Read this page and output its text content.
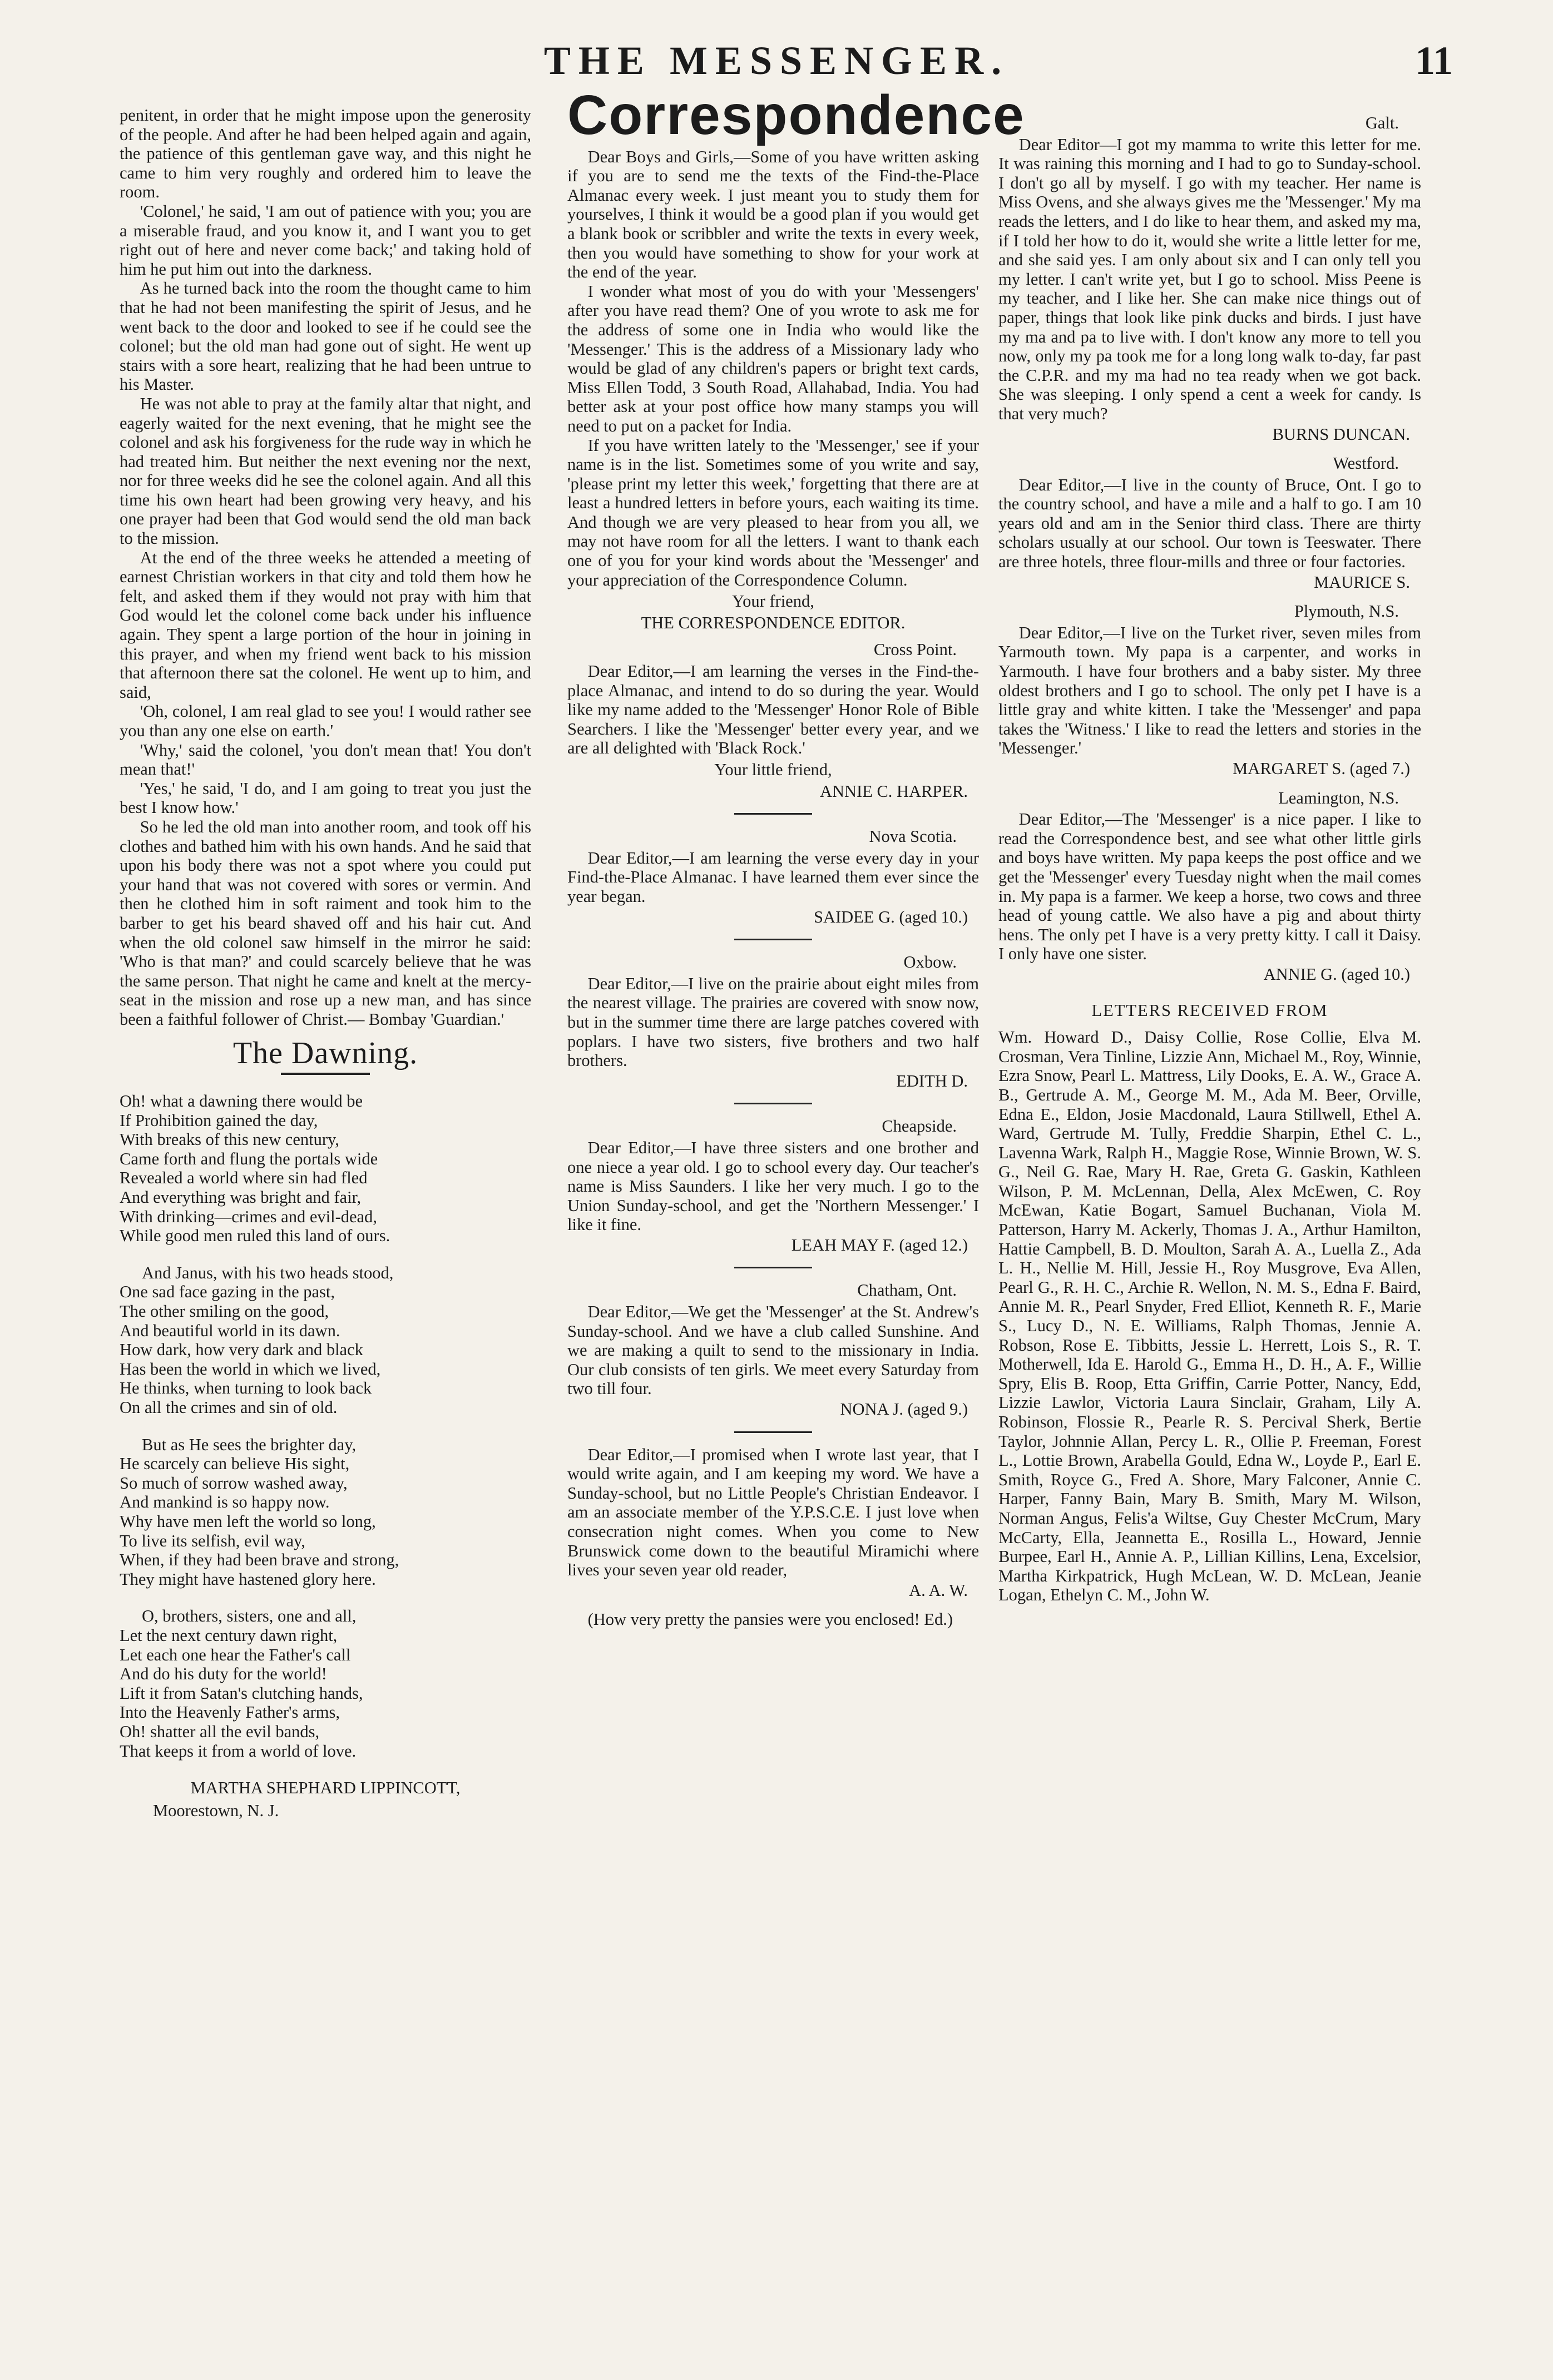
THE MESSENGER.	11

penitent, in order that he might impose upon the generosity of the people. And after he had been helped again and again, the patience of this gentleman gave way, and this night he came to him very roughly and ordered him to leave the room.

'Colonel,' he said, 'I am out of patience with you; you are a miserable fraud, and you know it, and I want you to get right out of here and never come back;' and taking hold of him he put him out into the darkness.

As he turned back into the room the thought came to him that he had not been manifesting the spirit of Jesus, and he went back to the door and looked to see if he could see the colonel; but the old man had gone out of sight. He went up stairs with a sore heart, realizing that he had been untrue to his Master.

He was not able to pray at the family altar that night, and eagerly waited for the next evening, that he might see the colonel and ask his forgiveness for the rude way in which he had treated him. But neither the next evening nor the next, nor for three weeks did he see the colonel again. And all this time his own heart had been growing very heavy, and his one prayer had been that God would send the old man back to the mission.

At the end of the three weeks he attended a meeting of earnest Christian workers in that city and told them how he felt, and asked them if they would not pray with him that God would let the colonel come back under his influence again. They spent a large portion of the hour in joining in this prayer, and when my friend went back to his mission that afternoon there sat the colonel. He went up to him, and said,

'Oh, colonel, I am real glad to see you! I would rather see you than any one else on earth.'

'Why,' said the colonel, 'you don't mean that! You don't mean that!'

'Yes,' he said, 'I do, and I am going to treat you just the best I know how.'

So he led the old man into another room, and took off his clothes and bathed him with his own hands. And he said that upon his body there was not a spot where you could put your hand that was not covered with sores or vermin. And then he clothed him in soft raiment and took him to the barber to get his beard shaved off and his hair cut. And when the old colonel saw himself in the mirror he said: 'Who is that man?' and could scarcely believe that he was the same person. That night he came and knelt at the mercy-seat in the mission and rose up a new man, and has since been a faithful follower of Christ.— Bombay 'Guardian.'

The Dawning.
Oh! what a dawning there would be
If Prohibition gained the day,
With breaks of this new century,
Came forth and flung the portals wide
Revealed a world where sin had fled
And everything was bright and fair,
With drinking—crimes and evil-dead,
While good men ruled this land of ours.
And Janus, with his two heads stood,
One sad face gazing in the past,
The other smiling on the good,
And beautiful world in its dawn.
How dark, how very dark and black
Has been the world in which we lived,
He thinks, when turning to look back
On all the crimes and sin of old.
But as He sees the brighter day,
He scarcely can believe His sight,
So much of sorrow washed away,
And mankind is so happy now.
Why have men left the world so long,
To live its selfish, evil way,
When, if they had been brave and strong,
They might have hastened glory here.
O, brothers, sisters, one and all,
Let the next century dawn right,
Let each one hear the Father's call
And do his duty for the world!
Lift it from Satan's clutching hands,
Into the Heavenly Father's arms,
Oh! shatter all the evil bands,
That keeps it from a world of love.
MARTHA SHEPHARD LIPPINCOTT,
Moorestown, N. J.
Correspondence

Dear Boys and Girls,—Some of you have written asking if you are to send me the texts of the Find-the-Place Almanac every week. I just meant you to study them for yourselves, I think it would be a good plan if you would get a blank book or scribbler and write the texts in every week, then you would have something to show for your work at the end of the year.

I wonder what most of you do with your 'Messengers' after you have read them? One of you wrote to ask me for the address of some one in India who would like the 'Messenger.' This is the address of a Missionary lady who would be glad of any children's papers or bright text cards, Miss Ellen Todd, 3 South Road, Allahabad, India. You had better ask at your post office how many stamps you will need to put on a packet for India.

If you have written lately to the 'Messenger,' see if your name is in the list. Sometimes some of you write and say, 'please print my letter this week,' forgetting that there are at least a hundred letters in before yours, each waiting its time. And though we are very pleased to hear from you all, we may not have room for all the letters. I want to thank each one of you for your kind words about the 'Messenger' and your appreciation of the Correspondence Column.

Your friend,
THE CORRESPONDENCE EDITOR.
Cross Point.

Dear Editor,—I am learning the verses in the Find-the-place Almanac, and intend to do so during the year. Would like my name added to the 'Messenger' Honor Role of Bible Searchers. I like the 'Messenger' better every year, and we are all delighted with 'Black Rock.'

Your little friend,
ANNIE C. HARPER.
Nova Scotia.

Dear Editor,—I am learning the verse every day in your Find-the-Place Almanac. I have learned them ever since the year began.

SAIDEE G. (aged 10.)
Oxbow.

Dear Editor,—I live on the prairie about eight miles from the nearest village. The prairies are covered with snow now, but in the summer time there are large patches covered with poplars. I have two sisters, five brothers and two half brothers.

EDITH D.
Cheapside.

Dear Editor,—I have three sisters and one brother and one niece a year old. I go to school every day. Our teacher's name is Miss Saunders. I like her very much. I go to the Union Sunday-school, and get the 'Northern Messenger.' I like it fine.

LEAH MAY F. (aged 12.)
Chatham, Ont.

Dear Editor,—We get the 'Messenger' at the St. Andrew's Sunday-school. And we have a club called Sunshine. And we are making a quilt to send to the missionary in India. Our club consists of ten girls. We meet every Saturday from two till four.

NONA J. (aged 9.)

Dear Editor,—I promised when I wrote last year, that I would write again, and I am keeping my word. We have a Sunday-school, but no Little People's Christian Endeavor. I am an associate member of the Y.P.S.C.E. I just love when consecration night comes. When you come to New Brunswick come down to the beautiful Miramichi where lives your seven year old reader,

A. A. W.

(How very pretty the pansies were you enclosed! Ed.)

Galt.

Dear Editor—I got my mamma to write this letter for me. It was raining this morning and I had to go to Sunday-school. I don't go all by myself. I go with my teacher. Her name is Miss Ovens, and she always gives me the 'Messenger.' My ma reads the letters, and I do like to hear them, and asked my ma, if I told her how to do it, would she write a little letter for me, and she said yes. I am only about six and I can only tell you my letter. I can't write yet, but I go to school. Miss Peene is my teacher, and I like her. She can make nice things out of paper, things that look like pink ducks and birds. I just have my ma and pa to live with. I don't know any more to tell you now, only my pa took me for a long long walk to-day, far past the C.P.R. and my ma had no tea ready when we got back. She was sleeping. I only spend a cent a week for candy. Is that very much?

BURNS DUNCAN.
Westford.

Dear Editor,—I live in the county of Bruce, Ont. I go to the country school, and have a mile and a half to go. I am 10 years old and am in the Senior third class. There are thirty scholars usually at our school. Our town is Teeswater. There are three hotels, three flour-mills and three or four factories.

MAURICE S.
Plymouth, N.S.

Dear Editor,—I live on the Turket river, seven miles from Yarmouth town. My papa is a carpenter, and works in Yarmouth. I have four brothers and a baby sister. My three oldest brothers and I go to school. The only pet I have is a little gray and white kitten. I take the 'Messenger' and papa takes the 'Witness.' I like to read the letters and stories in the 'Messenger.'

MARGARET S. (aged 7.)
Leamington, N.S.

Dear Editor,—The 'Messenger' is a nice paper. I like to read the Correspondence best, and see what other little girls and boys have written. My papa keeps the post office and we get the 'Messenger' every Tuesday night when the mail comes in. My papa is a farmer. We keep a horse, two cows and three head of young cattle. We also have a pig and about thirty hens. The only pet I have is a very pretty kitty. I call it Daisy. I only have one sister.

ANNIE G. (aged 10.)
LETTERS RECEIVED FROM
Wm. Howard D., Daisy Collie, Rose Collie, Elva M. Crosman, Vera Tinline, Lizzie Ann, Michael M., Roy, Winnie, Ezra Snow, Pearl L. Mattress, Lily Dooks, E. A. W., Grace A. B., Gertrude A. M., George M. M., Ada M. Beer, Orville, Edna E., Eldon, Josie Macdonald, Laura Stillwell, Ethel A. Ward, Gertrude M. Tully, Freddie Sharpin, Ethel C. L., Lavenna Wark, Ralph H., Maggie Rose, Winnie Brown, W. S. G., Neil G. Rae, Mary H. Rae, Greta G. Gaskin, Kathleen Wilson, P. M. McLennan, Della, Alex McEwen, C. Roy McEwan, Katie Bogart, Samuel Buchanan, Viola M. Patterson, Harry M. Ackerly, Thomas J. A., Arthur Hamilton, Hattie Campbell, B. D. Moulton, Sarah A. A., Luella Z., Ada L. H., Nellie M. Hill, Jessie H., Roy Musgrove, Eva Allen, Pearl G., R. H. C., Archie R. Wellon, N. M. S., Edna F. Baird, Annie M. R., Pearl Snyder, Fred Elliot, Kenneth R. F., Marie S., Lucy D., N. E. Williams, Ralph Thomas, Jennie A. Robson, Rose E. Tibbitts, Jessie L. Herrett, Lois S., R. T. Motherwell, Ida E. Harold G., Emma H., D. H., A. F., Willie Spry, Elis B. Roop, Etta Griffin, Carrie Potter, Nancy, Edd, Lizzie Lawlor, Victoria Laura Sinclair, Graham, Lily A. Robinson, Flossie R., Pearle R. S. Percival Sherk, Bertie Taylor, Johnnie Allan, Percy L. R., Ollie P. Freeman, Forest L., Lottie Brown, Arabella Gould, Edna W., Loyde P., Earl E. Smith, Royce G., Fred A. Shore, Mary Falconer, Annie C. Harper, Fanny Bain, Mary B. Smith, Mary M. Wilson, Norman Angus, Felis'a Wiltse, Guy Chester McCrum, Mary McCarty, Ella, Jeannetta E., Rosilla L., Howard, Jennie Burpee, Earl H., Annie A. P., Lillian Killins, Lena, Excelsior, Martha Kirkpatrick, Hugh McLean, W. D. McLean, Jeanie Logan, Ethelyn C. M., John W.
